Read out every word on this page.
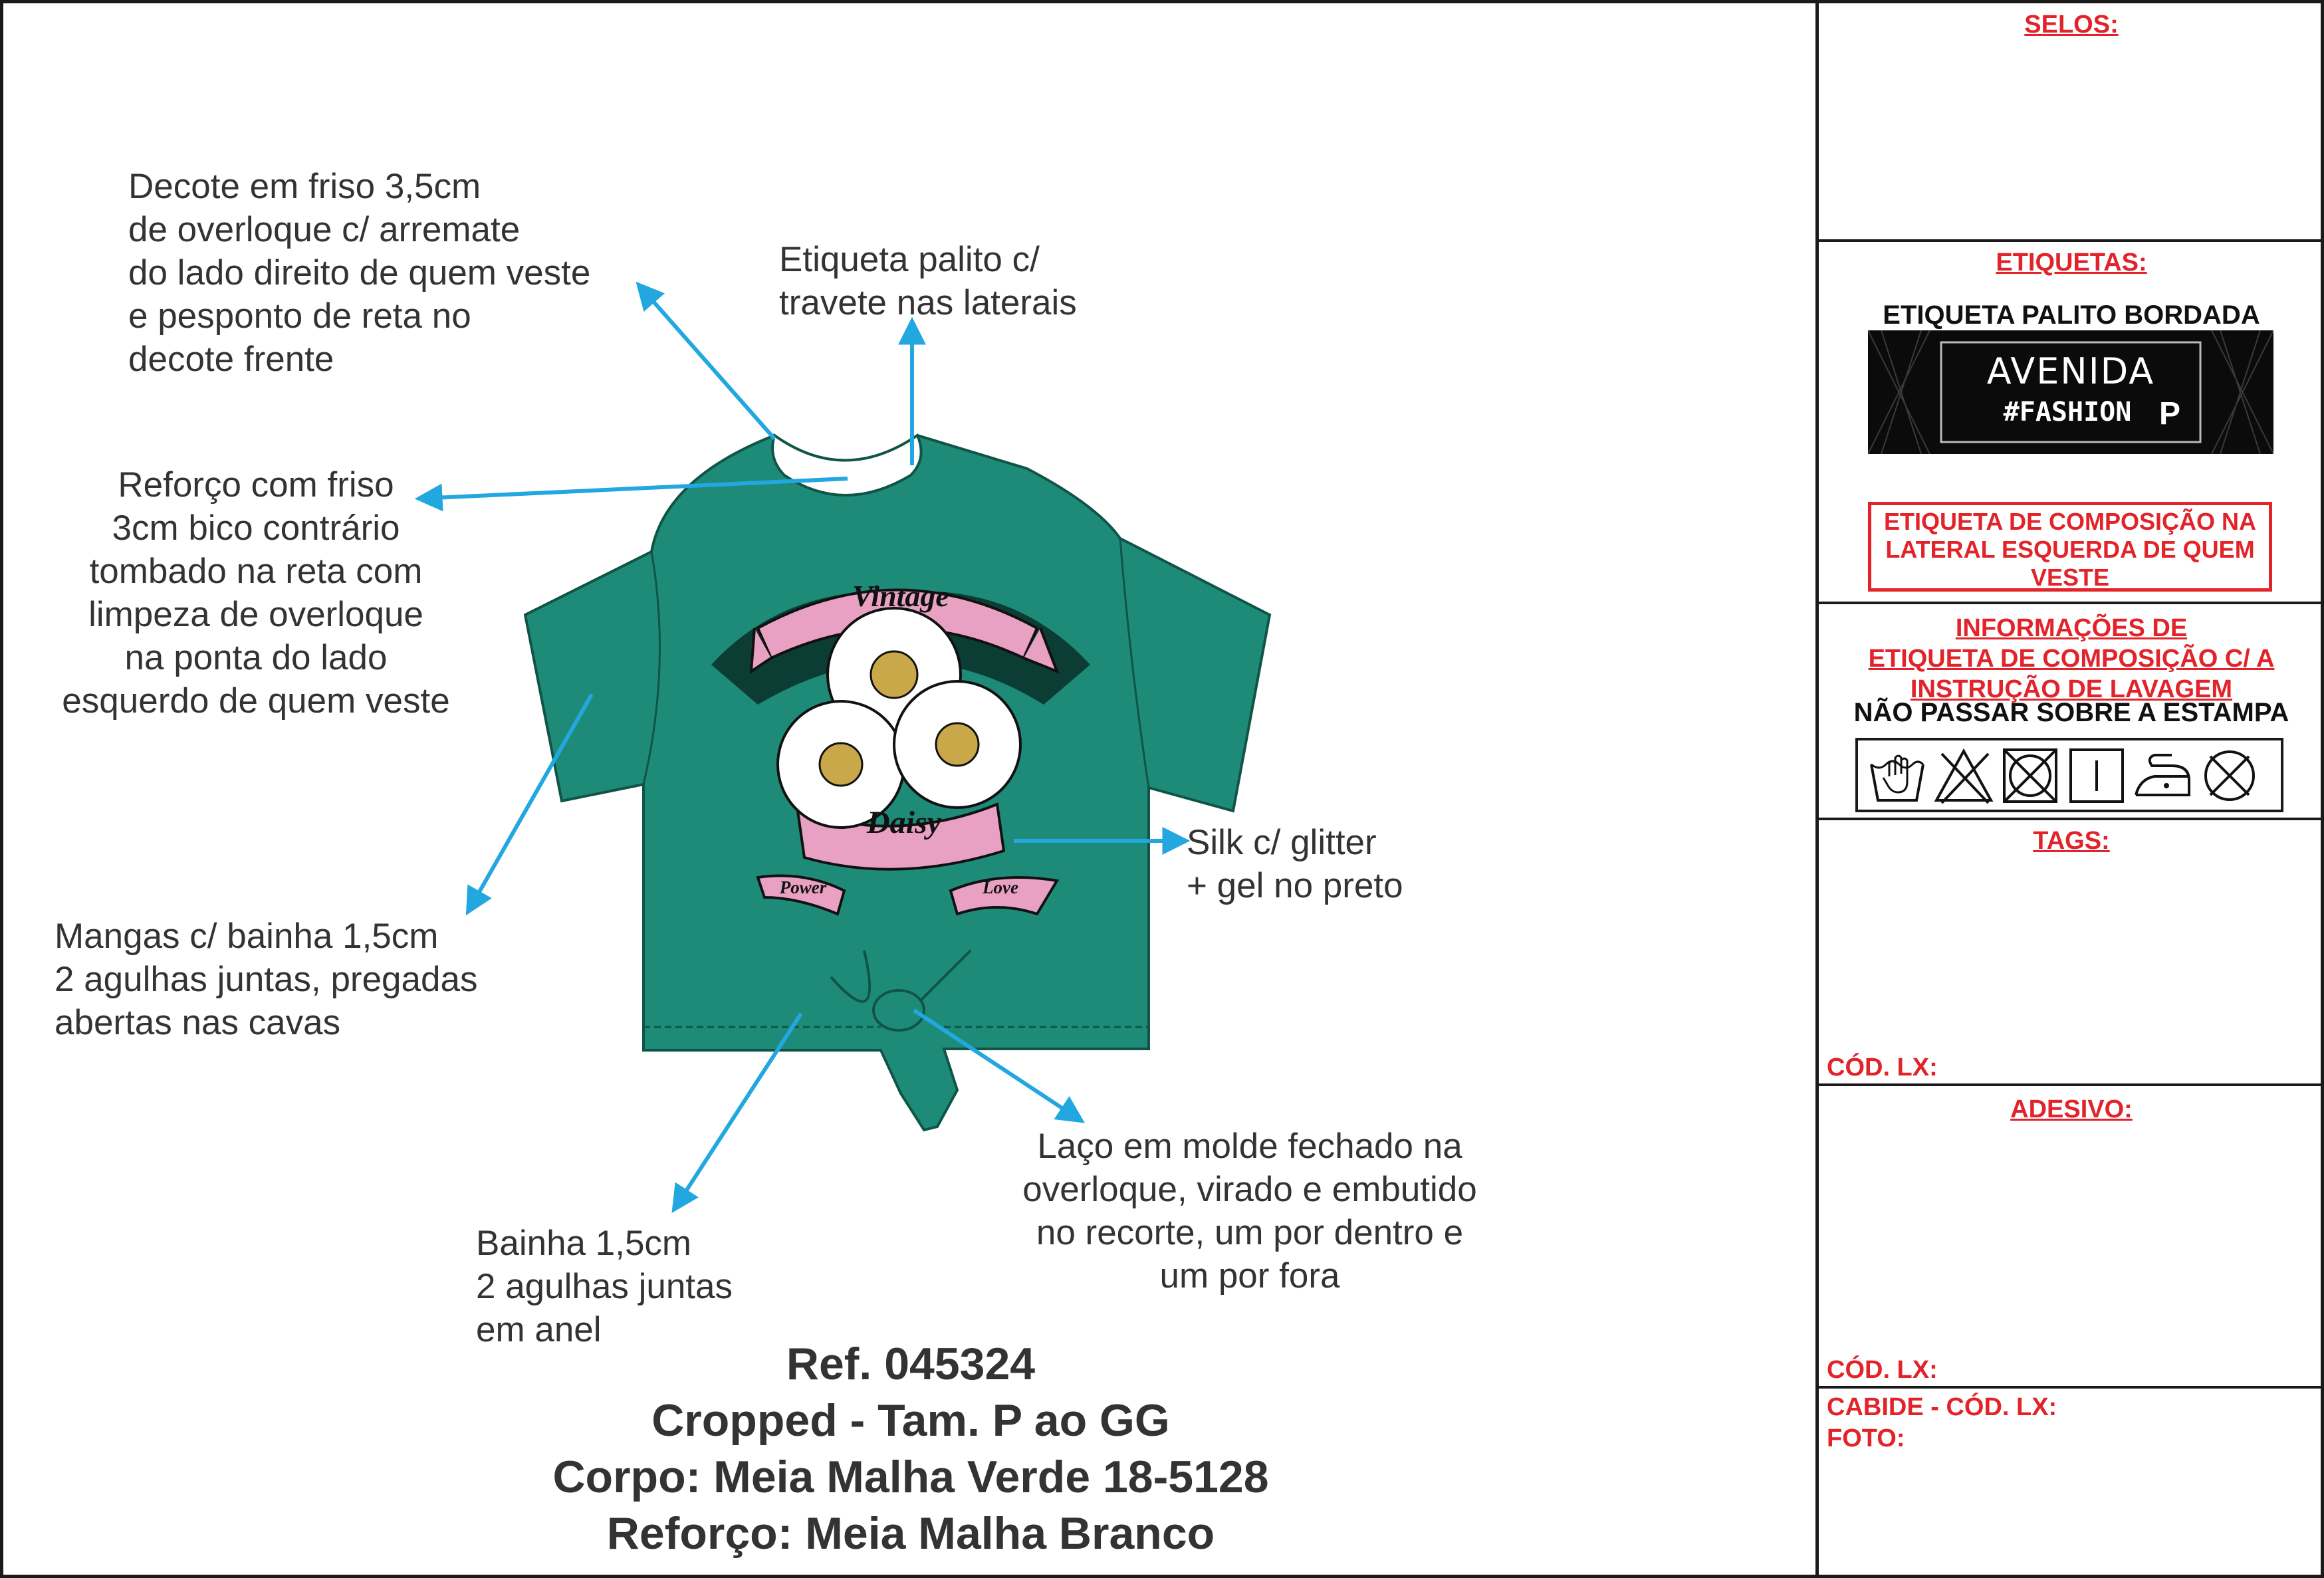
Vintage
Daisy
Power	Love
Decote em friso 3,5cm
de overloque c/ arremate
do lado direito de quem veste
e pesponto de reta no
decote frente
Etiqueta palito c/
travete nas laterais
Reforço com friso
3cm bico contrário
tombado na reta com
limpeza de overloque
na ponta do lado
esquerdo de quem veste
Mangas c/ bainha 1,5cm
2 agulhas juntas, pregadas
abertas nas cavas
Silk c/ glitter
+ gel no preto
Laço em molde fechado na
overloque, virado e embutido
no recorte, um por dentro e
um por fora
Bainha 1,5cm
2 agulhas juntas
em anel
Ref. 045324
Cropped - Tam. P ao GG
Corpo: Meia Malha Verde 18-5128
Reforço: Meia Malha Branco
SELOS:
ETIQUETAS:
ETIQUETA PALITO BORDADA
AVENIDA
#FASHION P
ETIQUETA DE COMPOSIÇÃO NA
LATERAL ESQUERDA DE QUEM
VESTE
INFORMAÇÕES DE
ETIQUETA DE COMPOSIÇÃO C/ A
INSTRUÇÃO DE LAVAGEM
NÃO PASSAR SOBRE A ESTAMPA
TAGS:
CÓD. LX:
ADESIVO:
CÓD. LX:
CABIDE - CÓD. LX:
FOTO:
